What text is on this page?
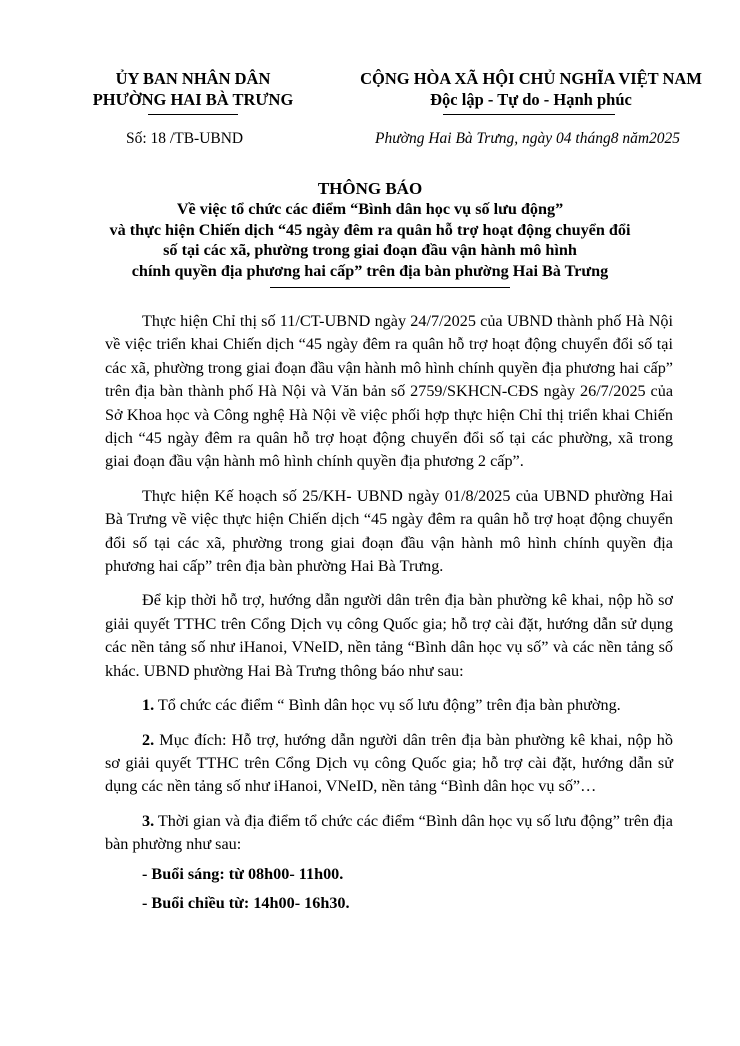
ỦY BAN NHÂN DÂN
PHƯỜNG HAI BÀ TRƯNG
CỘNG HÒA XÃ HỘI CHỦ NGHĨA VIỆT NAM
Độc lập - Tự do - Hạnh phúc
Số: 18 /TB-UBND	Phường Hai Bà Trưng, ngày 04 tháng8 năm2025
THÔNG BÁO
Về việc tổ chức các điểm “Bình dân học vụ số lưu động”
và thực hiện Chiến dịch “45 ngày đêm ra quân hỗ trợ hoạt động chuyển đổi
số tại các xã, phường trong giai đoạn đầu vận hành mô hình
chính quyền địa phương hai cấp” trên địa bàn phường Hai Bà Trưng

Thực hiện Chỉ thị số 11/CT-UBND ngày 24/7/2025 của UBND thành phố Hà Nội về việc triển khai Chiến dịch “45 ngày đêm ra quân hỗ trợ hoạt động chuyển đổi số tại các xã, phường trong giai đoạn đầu vận hành mô hình chính quyền địa phương hai cấp” trên địa bàn thành phố Hà Nội và Văn bản số 2759/SKHCN-CĐS ngày 26/7/2025 của Sở Khoa học và Công nghệ Hà Nội về việc phối hợp thực hiện Chỉ thị triển khai Chiến dịch “45 ngày đêm ra quân hỗ trợ hoạt động chuyển đổi số tại các phường, xã trong giai đoạn đầu vận hành mô hình chính quyền địa phương 2 cấp”.

Thực hiện Kế hoạch số 25/KH- UBND ngày 01/8/2025 của UBND phường Hai Bà Trưng về việc thực hiện Chiến dịch “45 ngày đêm ra quân hỗ trợ hoạt động chuyển đổi số tại các xã, phường trong giai đoạn đầu vận hành mô hình chính quyền địa phương hai cấp” trên địa bàn phường Hai Bà Trưng.

Để kịp thời hỗ trợ, hướng dẫn người dân trên địa bàn phường kê khai, nộp hồ sơ giải quyết TTHC trên Cổng Dịch vụ công Quốc gia; hỗ trợ cài đặt, hướng dẫn sử dụng các nền tảng số như iHanoi, VNeID, nền tảng “Bình dân học vụ số” và các nền tảng số khác. UBND phường Hai Bà Trưng thông báo như sau:

1. Tổ chức các điểm “ Bình dân học vụ số lưu động” trên địa bàn phường.

2. Mục đích: Hỗ trợ, hướng dẫn người dân trên địa bàn phường kê khai, nộp hồ sơ giải quyết TTHC trên Cổng Dịch vụ công Quốc gia; hỗ trợ cài đặt, hướng dẫn sử dụng các nền tảng số như iHanoi, VNeID, nền tảng “Bình dân học vụ số”…

3. Thời gian và địa điểm tổ chức các điểm “Bình dân học vụ số lưu động” trên địa bàn phường như sau:

- Buổi sáng: từ 08h00- 11h00.

- Buổi chiều từ: 14h00- 16h30.
